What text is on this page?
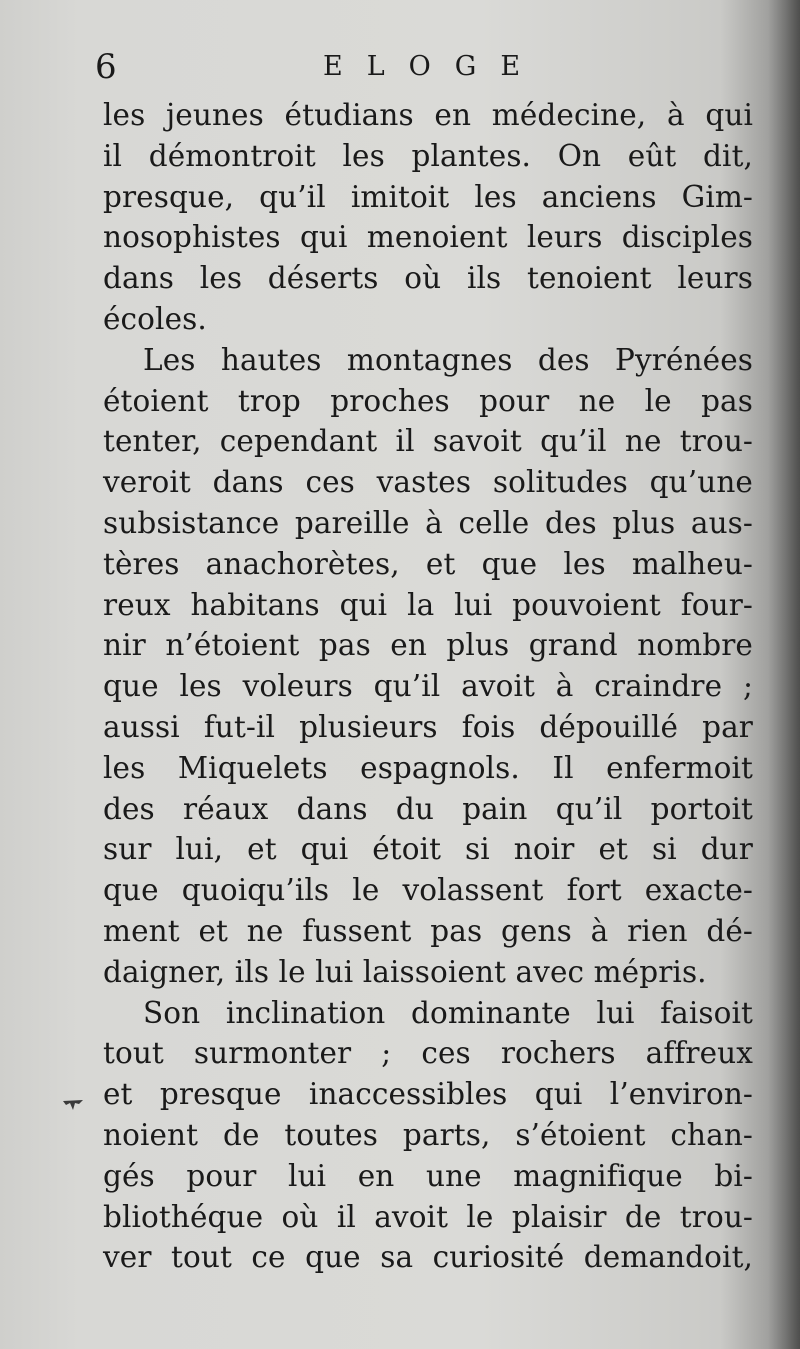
6	ELOGE
les jeunes étudians en médecine, à qui
il démontroit les plantes. On eût dit,
presque, qu’il imitoit les anciens Gim-
nosophistes qui menoient leurs disciples
dans les déserts où ils tenoient leurs
écoles.
Les hautes montagnes des Pyrénées
étoient trop proches pour ne le pas
tenter, cependant il savoit qu’il ne trou-
veroit dans ces vastes solitudes qu’une
subsistance pareille à celle des plus aus-
tères anachorètes, et que les malheu-
reux habitans qui la lui pouvoient four-
nir n’étoient pas en plus grand nombre
que les voleurs qu’il avoit à craindre ;
aussi fut-il plusieurs fois dépouillé par
les Miquelets espagnols. Il enfermoit
des réaux dans du pain qu’il portoit
sur lui, et qui étoit si noir et si dur
que quoiqu’ils le volassent fort exacte-
ment et ne fussent pas gens à rien dé-
daigner, ils le lui laissoient avec mépris.
Son inclination dominante lui faisoit
tout surmonter ; ces rochers affreux
et presque inaccessibles qui l’environ-
noient de toutes parts, s’étoient chan-
gés pour lui en une magnifique bi-
bliothéque où il avoit le plaisir de trou-
ver tout ce que sa curiosité demandoit,
